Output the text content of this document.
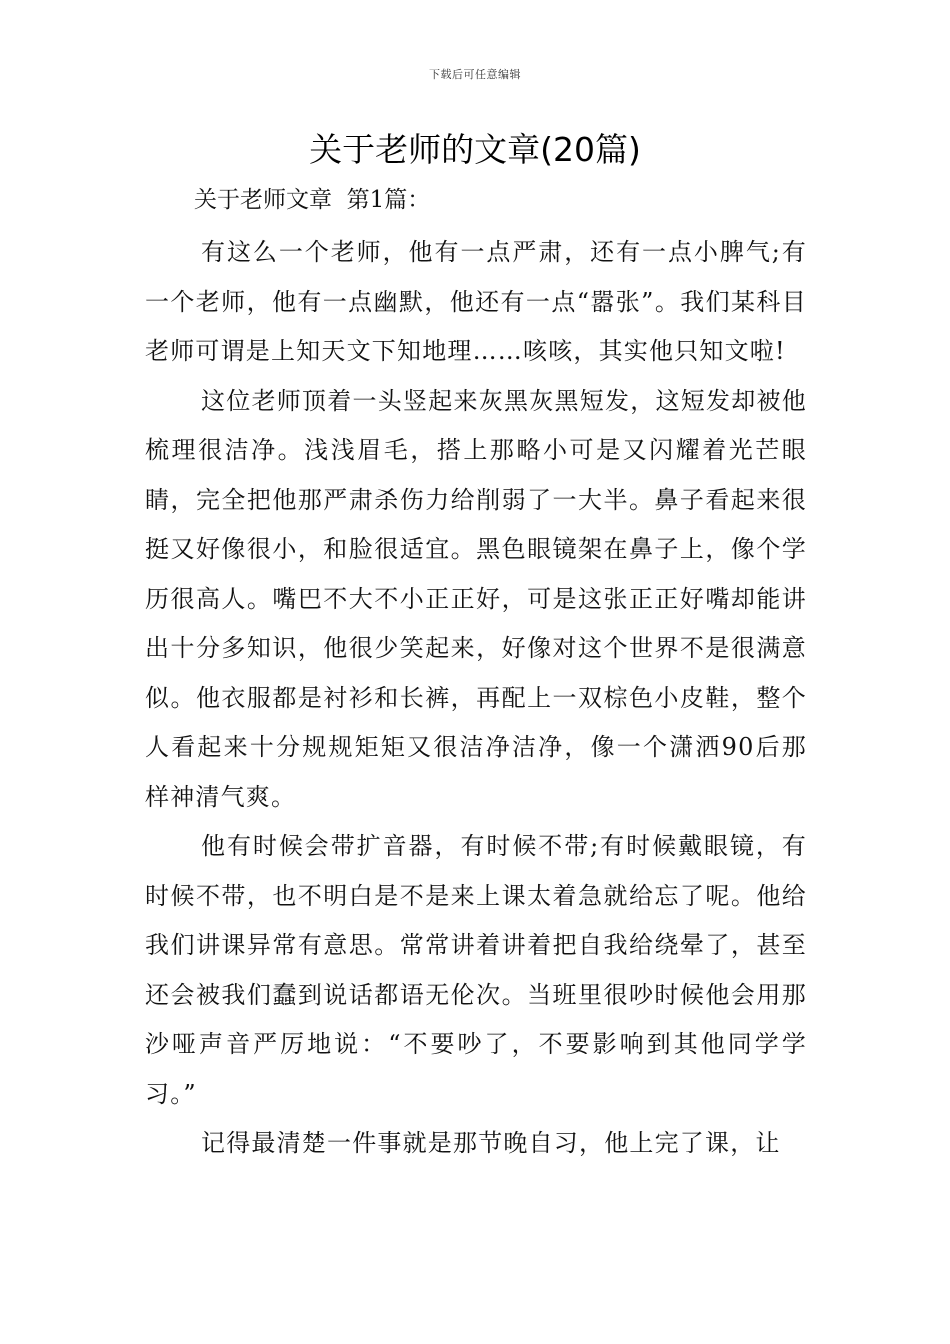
下载后可任意编辑
关于老师的文章(20篇)
关于老师文章  第1篇：

有这么一个老师，他有一点严肃，还有一点小脾气;有一个老师，他有一点幽默，他还有一点“嚣张”。我们某科目老师可谓是上知天文下知地理……咳咳，其实他只知文啦!

这位老师顶着一头竖起来灰黑灰黑短发，这短发却被他梳理很洁净。浅浅眉毛，搭上那略小可是又闪耀着光芒眼睛，完全把他那严肃杀伤力给削弱了一大半。鼻子看起来很挺又好像很小，和脸很适宜。黑色眼镜架在鼻子上，像个学历很高人。嘴巴不大不小正正好，可是这张正正好嘴却能讲出十分多知识，他很少笑起来，好像对这个世界不是很满意似。他衣服都是衬衫和长裤，再配上一双棕色小皮鞋，整个人看起来十分规规矩矩又很洁净洁净，像一个潇洒90后那样神清气爽。

他有时候会带扩音器，有时候不带;有时候戴眼镜，有时候不带，也不明白是不是来上课太着急就给忘了呢。他给我们讲课异常有意思。常常讲着讲着把自我给绕晕了，甚至还会被我们蠢到说话都语无伦次。当班里很吵时候他会用那沙哑声音严厉地说：“不要吵了，不要影响到其他同学学习。”

记得最清楚一件事就是那节晚自习，他上完了课，让
